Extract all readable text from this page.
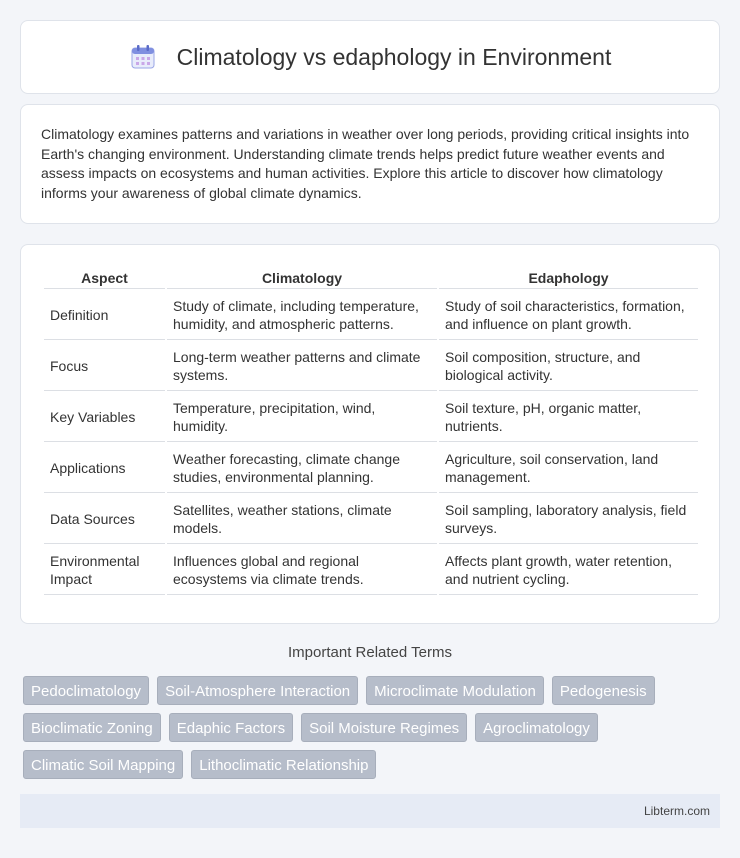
Climatology vs edaphology in Environment

Climatology examines patterns and variations in weather over long periods, providing critical insights into Earth's changing environment. Understanding climate trends helps predict future weather events and assess impacts on ecosystems and human activities. Explore this article to discover how climatology informs your awareness of global climate dynamics.

Aspect	Climatology	Edaphology
Definition	Study of climate, including temperature, humidity, and atmospheric patterns.	Study of soil characteristics, formation, and influence on plant growth.
Focus	Long-term weather patterns and climate systems.	Soil composition, structure, and biological activity.
Key Variables	Temperature, precipitation, wind, humidity.	Soil texture, pH, organic matter, nutrients.
Applications	Weather forecasting, climate change studies, environmental planning.	Agriculture, soil conservation, land management.
Data Sources	Satellites, weather stations, climate models.	Soil sampling, laboratory analysis, field surveys.
Environmental Impact	Influences global and regional ecosystems via climate trends.	Affects plant growth, water retention, and nutrient cycling.
Important Related Terms
Pedoclimatology	Soil-Atmosphere Interaction	Microclimate Modulation	Pedogenesis
Bioclimatic Zoning	Edaphic Factors	Soil Moisture Regimes	Agroclimatology
Climatic Soil Mapping	Lithoclimatic Relationship
Libterm.com
